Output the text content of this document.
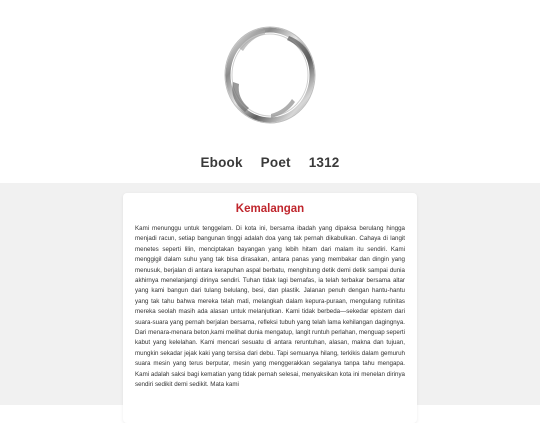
Ebook Poet 1312
Kemalangan

Kami menunggu untuk tenggelam. Di kota ini, bersama ibadah yang dipaksa berulang hingga menjadi racun, setiap bangunan tinggi adalah doa yang tak pernah dikabulkan. Cahaya di langit menetes seperti lilin, menciptakan bayangan yang lebih hitam dari malam itu sendiri. Kami menggigil dalam suhu yang tak bisa dirasakan, antara panas yang membakar dan dingin yang menusuk, berjalan di antara kerapuhan aspal berbatu, menghitung detik demi detik sampai dunia akhirnya menelanjangi dirinya sendiri. Tuhan tidak lagi bernafas, ia telah terbakar bersama altar yang kami bangun dari tulang belulang, besi, dan plastik. Jalanan penuh dengan hantu-hantu yang tak tahu bahwa mereka telah mati, melangkah dalam kepura-puraan, mengulang rutinitas mereka seolah masih ada alasan untuk melanjutkan. Kami tidak berbeda—sekedar epistem dari suara-suara yang pernah berjalan bersama, refleksi tubuh yang telah lama kehilangan dagingnya. Dari menara-menara beton,kami melihat dunia mengatup, langit runtuh perlahan, menguap seperti kabut yang kelelahan. Kami mencari sesuatu di antara reruntuhan, alasan, makna dan tujuan, mungkin sekadar jejak kaki yang tersisa dari debu. Tapi semuanya hilang, terkikis dalam gemuruh suara mesin yang terus berputar, mesin yang menggerakkan segalanya tanpa tahu mengapa. Kami adalah saksi bagi kematian yang tidak pernah selesai, menyaksikan kota ini menelan dirinya sendiri sedikit demi sedikit. Mata kami
